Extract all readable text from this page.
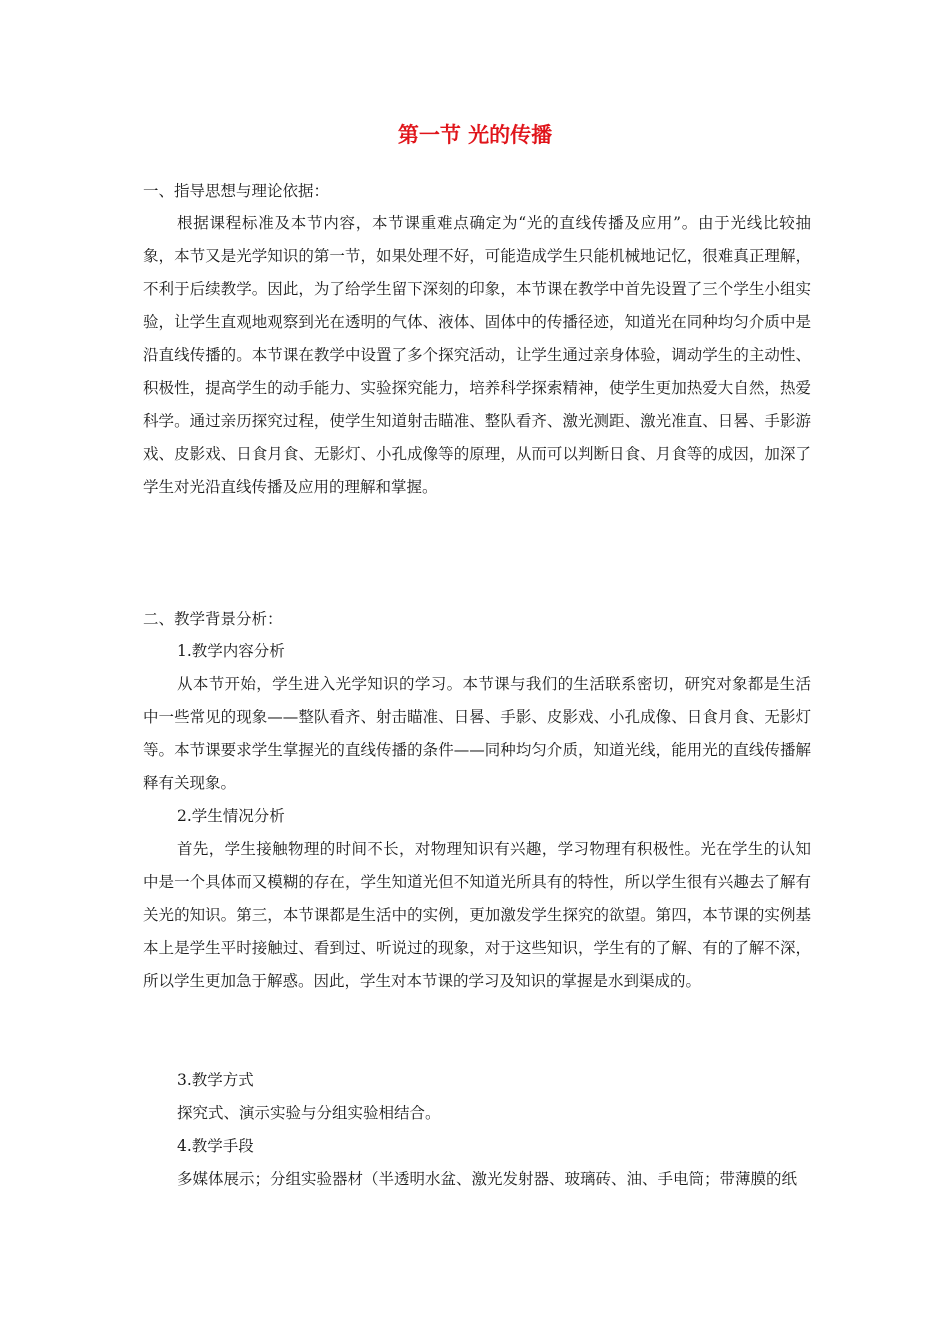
第一节 光的传播
一、指导思想与理论依据：
根据课程标准及本节内容，本节课重难点确定为“光的直线传播及应用”。由于光线比较抽象，本节又是光学知识的第一节，如果处理不好，可能造成学生只能机械地记忆，很难真正理解，不利于后续教学。因此，为了给学生留下深刻的印象，本节课在教学中首先设置了三个学生小组实验，让学生直观地观察到光在透明的气体、液体、固体中的传播径迹，知道光在同种均匀介质中是沿直线传播的。本节课在教学中设置了多个探究活动，让学生通过亲身体验，调动学生的主动性、积极性，提高学生的动手能力、实验探究能力，培养科学探索精神，使学生更加热爱大自然，热爱科学。通过亲历探究过程，使学生知道射击瞄准、整队看齐、激光测距、激光准直、日晷、手影游戏、皮影戏、日食月食、无影灯、小孔成像等的原理，从而可以判断日食、月食等的成因，加深了学生对光沿直线传播及应用的理解和掌握。
二、教学背景分析：
1.教学内容分析
从本节开始，学生进入光学知识的学习。本节课与我们的生活联系密切，研究对象都是生活中一些常见的现象——整队看齐、射击瞄准、日晷、手影、皮影戏、小孔成像、日食月食、无影灯等。本节课要求学生掌握光的直线传播的条件——同种均匀介质，知道光线，能用光的直线传播解释有关现象。
2.学生情况分析
首先，学生接触物理的时间不长，对物理知识有兴趣，学习物理有积极性。光在学生的认知中是一个具体而又模糊的存在，学生知道光但不知道光所具有的特性，所以学生很有兴趣去了解有关光的知识。第三，本节课都是生活中的实例，更加激发学生探究的欲望。第四，本节课的实例基本上是学生平时接触过、看到过、听说过的现象，对于这些知识，学生有的了解、有的了解不深，所以学生更加急于解惑。因此，学生对本节课的学习及知识的掌握是水到渠成的。
3.教学方式
探究式、演示实验与分组实验相结合。
4.教学手段
多媒体展示；分组实验器材（半透明水盆、激光发射器、玻璃砖、油、手电筒；带薄膜的纸
